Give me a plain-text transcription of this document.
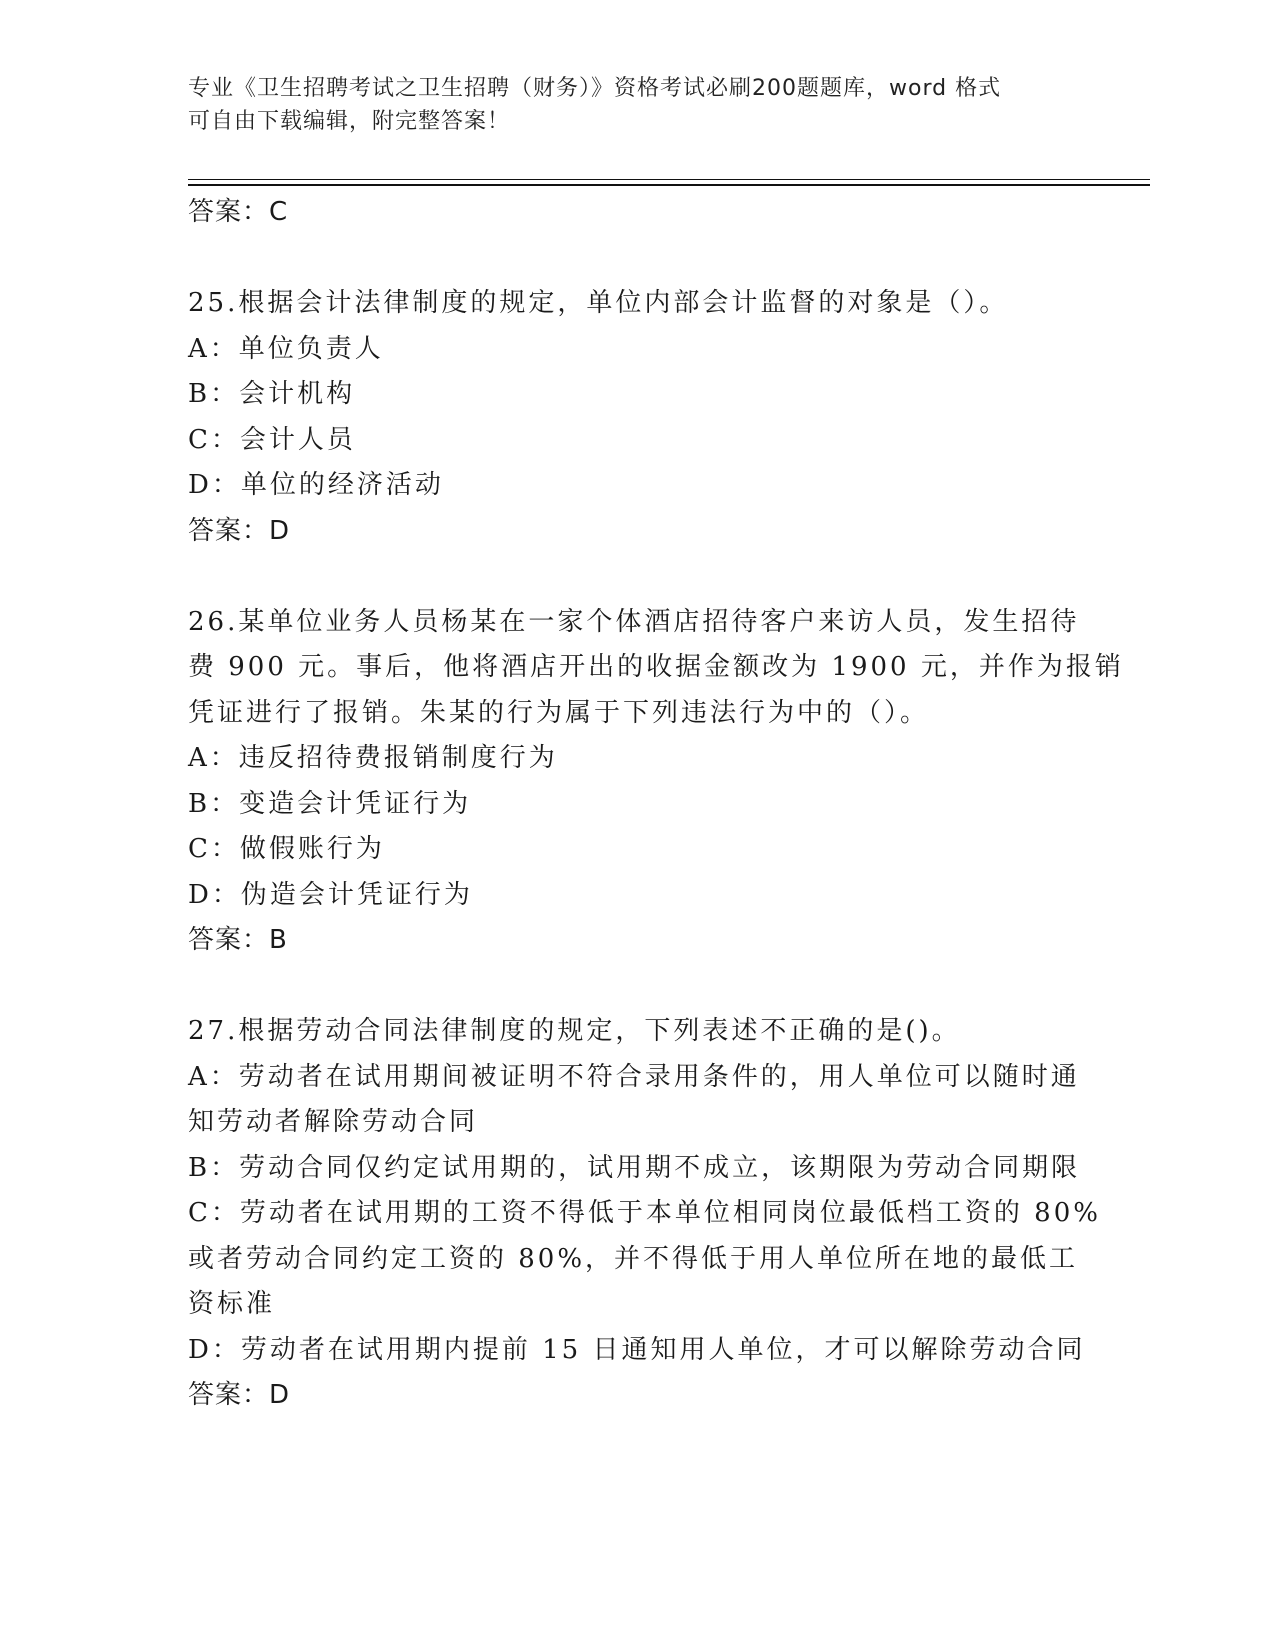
专业《卫生招聘考试之卫生招聘（财务）》资格考试必刷200题题库，word 格式
可自由下载编辑，附完整答案！
答案：C
25.根据会计法律制度的规定，单位内部会计监督的对象是（）。
A：单位负责人
B：会计机构
C：会计人员
D：单位的经济活动
答案：D
26.某单位业务人员杨某在一家个体酒店招待客户来访人员，发生招待
费 900 元。事后，他将酒店开出的收据金额改为 1900 元，并作为报销
凭证进行了报销。朱某的行为属于下列违法行为中的（）。
A：违反招待费报销制度行为
B：变造会计凭证行为
C：做假账行为
D：伪造会计凭证行为
答案：B
27.根据劳动合同法律制度的规定，下列表述不正确的是()。
A：劳动者在试用期间被证明不符合录用条件的，用人单位可以随时通
知劳动者解除劳动合同
B：劳动合同仅约定试用期的，试用期不成立，该期限为劳动合同期限
C：劳动者在试用期的工资不得低于本单位相同岗位最低档工资的 80%
或者劳动合同约定工资的 80%，并不得低于用人单位所在地的最低工
资标准
D：劳动者在试用期内提前 15 日通知用人单位，才可以解除劳动合同
答案：D
